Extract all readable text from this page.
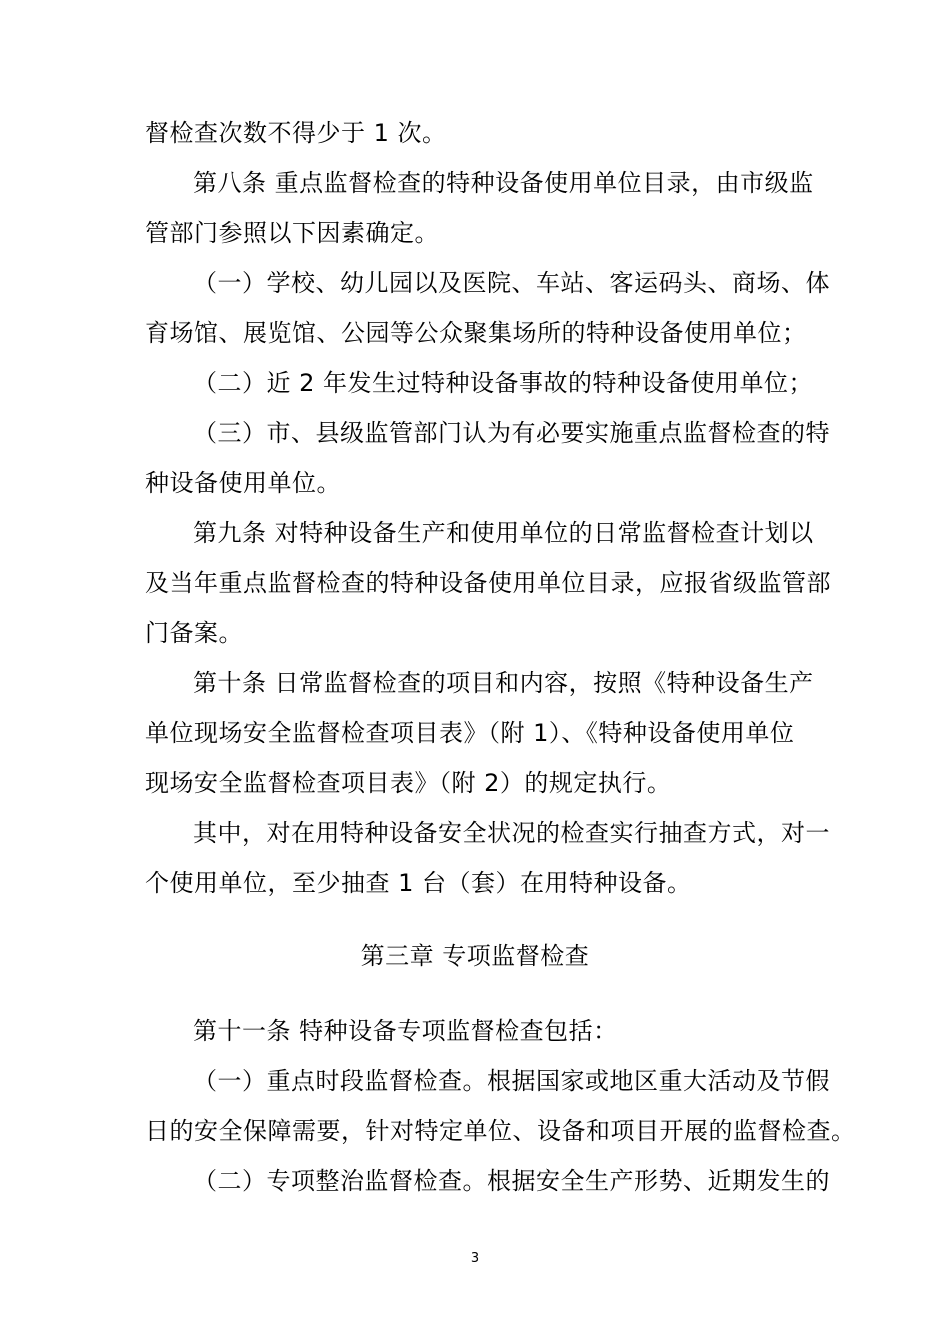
督检查次数不得少于 1 次。

第八条 重点监督检查的特种设备使用单位目录，由市级监

管部门参照以下因素确定。

（一）学校、幼儿园以及医院、车站、客运码头、商场、体

育场馆、展览馆、公园等公众聚集场所的特种设备使用单位；

（二）近 2 年发生过特种设备事故的特种设备使用单位；

（三）市、县级监管部门认为有必要实施重点监督检查的特

种设备使用单位。

第九条 对特种设备生产和使用单位的日常监督检查计划以

及当年重点监督检查的特种设备使用单位目录，应报省级监管部

门备案。

第十条 日常监督检查的项目和内容，按照《特种设备生产

单位现场安全监督检查项目表》（附 1）、《特种设备使用单位

现场安全监督检查项目表》（附 2）的规定执行。

其中，对在用特种设备安全状况的检查实行抽查方式，对一

个使用单位，至少抽查 1 台（套）在用特种设备。

第三章 专项监督检查

第十一条 特种设备专项监督检查包括：

（一）重点时段监督检查。根据国家或地区重大活动及节假

日的安全保障需要，针对特定单位、设备和项目开展的监督检查。

（二）专项整治监督检查。根据安全生产形势、近期发生的

3
